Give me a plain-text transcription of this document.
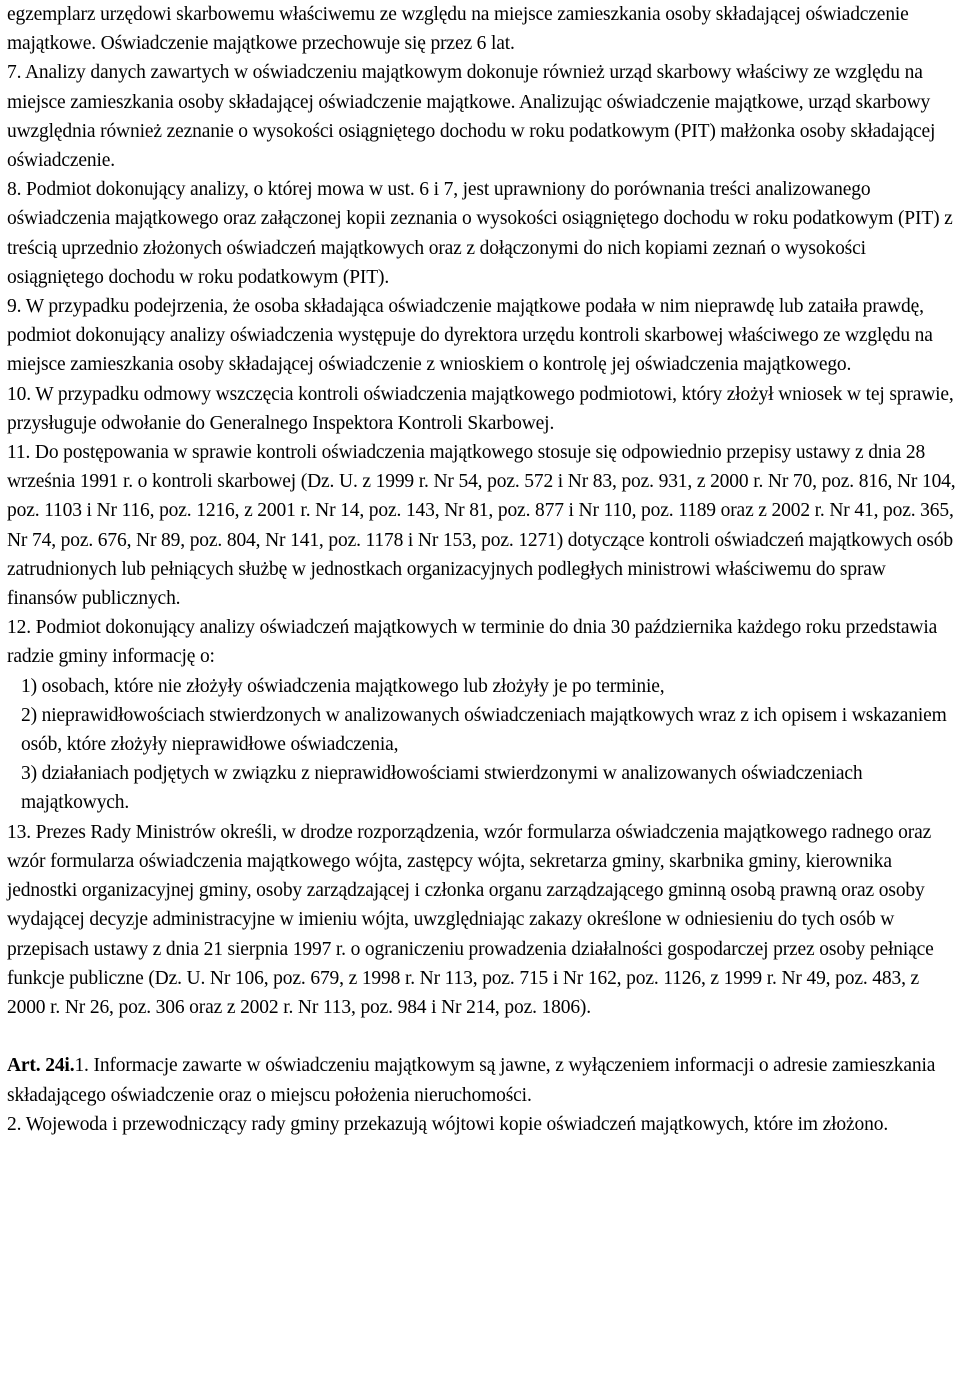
egzemplarz urzędowi skarbowemu właściwemu ze względu na miejsce zamieszkania osoby składającej oświadczenie majątkowe. Oświadczenie majątkowe przechowuje się przez 6 lat.

7. Analizy danych zawartych w oświadczeniu majątkowym dokonuje również urząd skarbowy właściwy ze względu na miejsce zamieszkania osoby składającej oświadczenie majątkowe. Analizując oświadczenie majątkowe, urząd skarbowy uwzględnia również zeznanie o wysokości osiągniętego dochodu w roku podatkowym (PIT) małżonka osoby składającej oświadczenie.

8. Podmiot dokonujący analizy, o której mowa w ust. 6 i 7, jest uprawniony do porównania treści analizowanego oświadczenia majątkowego oraz załączonej kopii zeznania o wysokości osiągniętego dochodu w roku podatkowym (PIT) z treścią uprzednio złożonych oświadczeń majątkowych oraz z dołączonymi do nich kopiami zeznań o wysokości osiągniętego dochodu w roku podatkowym (PIT).

9. W przypadku podejrzenia, że osoba składająca oświadczenie majątkowe podała w nim nieprawdę lub zataiła prawdę, podmiot dokonujący analizy oświadczenia występuje do dyrektora urzędu kontroli skarbowej właściwego ze względu na miejsce zamieszkania osoby składającej oświadczenie z wnioskiem o kontrolę jej oświadczenia majątkowego.

10. W przypadku odmowy wszczęcia kontroli oświadczenia majątkowego podmiotowi, który złożył wniosek w tej sprawie, przysługuje odwołanie do Generalnego Inspektora Kontroli Skarbowej.

11. Do postępowania w sprawie kontroli oświadczenia majątkowego stosuje się odpowiednio przepisy ustawy z dnia 28 września 1991 r. o kontroli skarbowej (Dz. U. z 1999 r. Nr 54, poz. 572 i Nr 83, poz. 931, z 2000 r. Nr 70, poz. 816, Nr 104, poz. 1103 i Nr 116, poz. 1216, z 2001 r. Nr 14, poz. 143, Nr 81, poz. 877 i Nr 110, poz. 1189 oraz z 2002 r. Nr 41, poz. 365, Nr 74, poz. 676, Nr 89, poz. 804, Nr 141, poz. 1178 i Nr 153, poz. 1271) dotyczące kontroli oświadczeń majątkowych osób zatrudnionych lub pełniących służbę w jednostkach organizacyjnych podległych ministrowi właściwemu do spraw finansów publicznych.

12. Podmiot dokonujący analizy oświadczeń majątkowych w terminie do dnia 30 października każdego roku przedstawia radzie gminy informację o:

1) osobach, które nie złożyły oświadczenia majątkowego lub złożyły je po terminie,

2) nieprawidłowościach stwierdzonych w analizowanych oświadczeniach majątkowych wraz z ich opisem i wskazaniem osób, które złożyły nieprawidłowe oświadczenia,

3) działaniach podjętych w związku z nieprawidłowościami stwierdzonymi w analizowanych oświadczeniach majątkowych.

13. Prezes Rady Ministrów określi, w drodze rozporządzenia, wzór formularza oświadczenia majątkowego radnego oraz wzór formularza oświadczenia majątkowego wójta, zastępcy wójta, sekretarza gminy, skarbnika gminy, kierownika jednostki organizacyjnej gminy, osoby zarządzającej i członka organu zarządzającego gminną osobą prawną oraz osoby wydającej decyzje administracyjne w imieniu wójta, uwzględniając zakazy określone w odniesieniu do tych osób w przepisach ustawy z dnia 21 sierpnia 1997 r. o ograniczeniu prowadzenia działalności gospodarczej przez osoby pełniące funkcje publiczne (Dz. U. Nr 106, poz. 679, z 1998 r. Nr 113, poz. 715 i Nr 162, poz. 1126, z 1999 r. Nr 49, poz. 483, z 2000 r. Nr 26, poz. 306 oraz z 2002 r. Nr 113, poz. 984 i Nr 214, poz. 1806).

Art. 24i.1. Informacje zawarte w oświadczeniu majątkowym są jawne, z wyłączeniem informacji o adresie zamieszkania składającego oświadczenie oraz o miejscu położenia nieruchomości.

2. Wojewoda i przewodniczący rady gminy przekazują wójtowi kopie oświadczeń majątkowych, które im złożono.
